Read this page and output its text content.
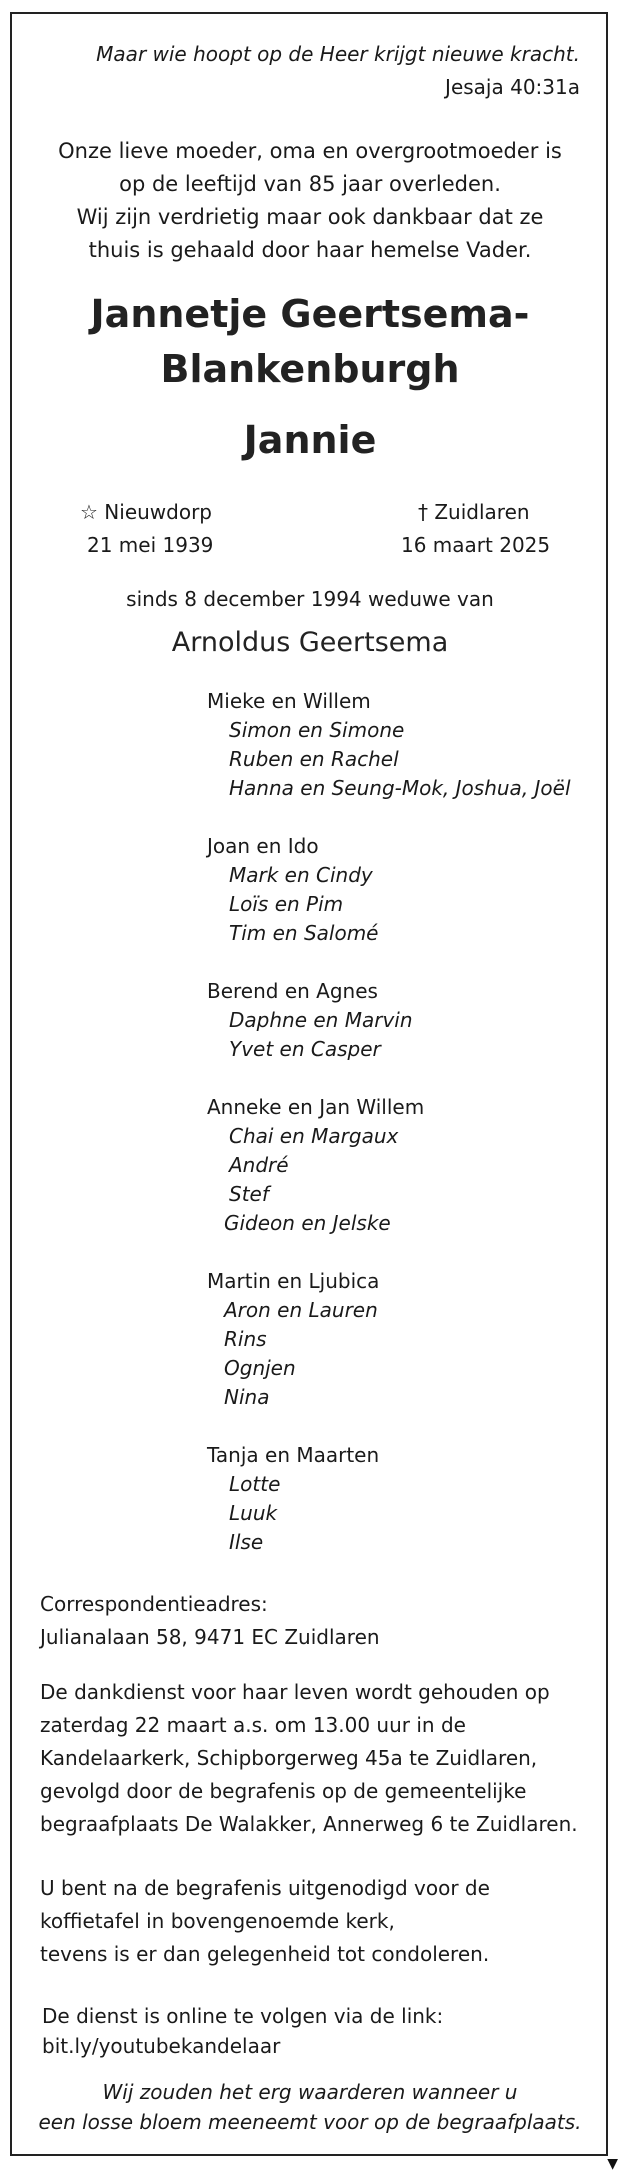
Maar wie hoopt op de Heer krijgt nieuwe kracht.
Jesaja 40:31a
Onze lieve moeder, oma en overgrootmoeder is
op de leeftijd van 85 jaar overleden.
Wij zijn verdrietig maar ook dankbaar dat ze
thuis is gehaald door haar hemelse Vader.
Jannetje Geertsema-
Blankenburgh
Jannie
☆ Nieuwdorp
21 mei 1939
† Zuidlaren
16 maart 2025
sinds 8 december 1994 weduwe van
Arnoldus Geertsema
Mieke en Willem
Simon en Simone
Ruben en Rachel
Hanna en Seung-Mok, Joshua, Joël
Joan en Ido
Mark en Cindy
Loïs en Pim
Tim en Salomé
Berend en Agnes
Daphne en Marvin
Yvet en Casper
Anneke en Jan Willem
Chai en Margaux
André
Stef
Gideon en Jelske
Martin en Ljubica
Aron en Lauren
Rins
Ognjen
Nina
Tanja en Maarten
Lotte
Luuk
Ilse
Correspondentieadres:
Julianalaan 58, 9471 EC Zuidlaren
De dankdienst voor haar leven wordt gehouden op
zaterdag 22 maart a.s. om 13.00 uur in de
Kandelaarkerk, Schipborgerweg 45a te Zuidlaren,
gevolgd door de begrafenis op de gemeentelijke
begraafplaats De Walakker, Annerweg 6 te Zuidlaren.
U bent na de begrafenis uitgenodigd voor de
koffietafel in bovengenoemde kerk,
tevens is er dan gelegenheid tot condoleren.
De dienst is online te volgen via de link:
bit.ly/youtubekandelaar
Wij zouden het erg waarderen wanneer u
een losse bloem meeneemt voor op de begraafplaats.
▼
